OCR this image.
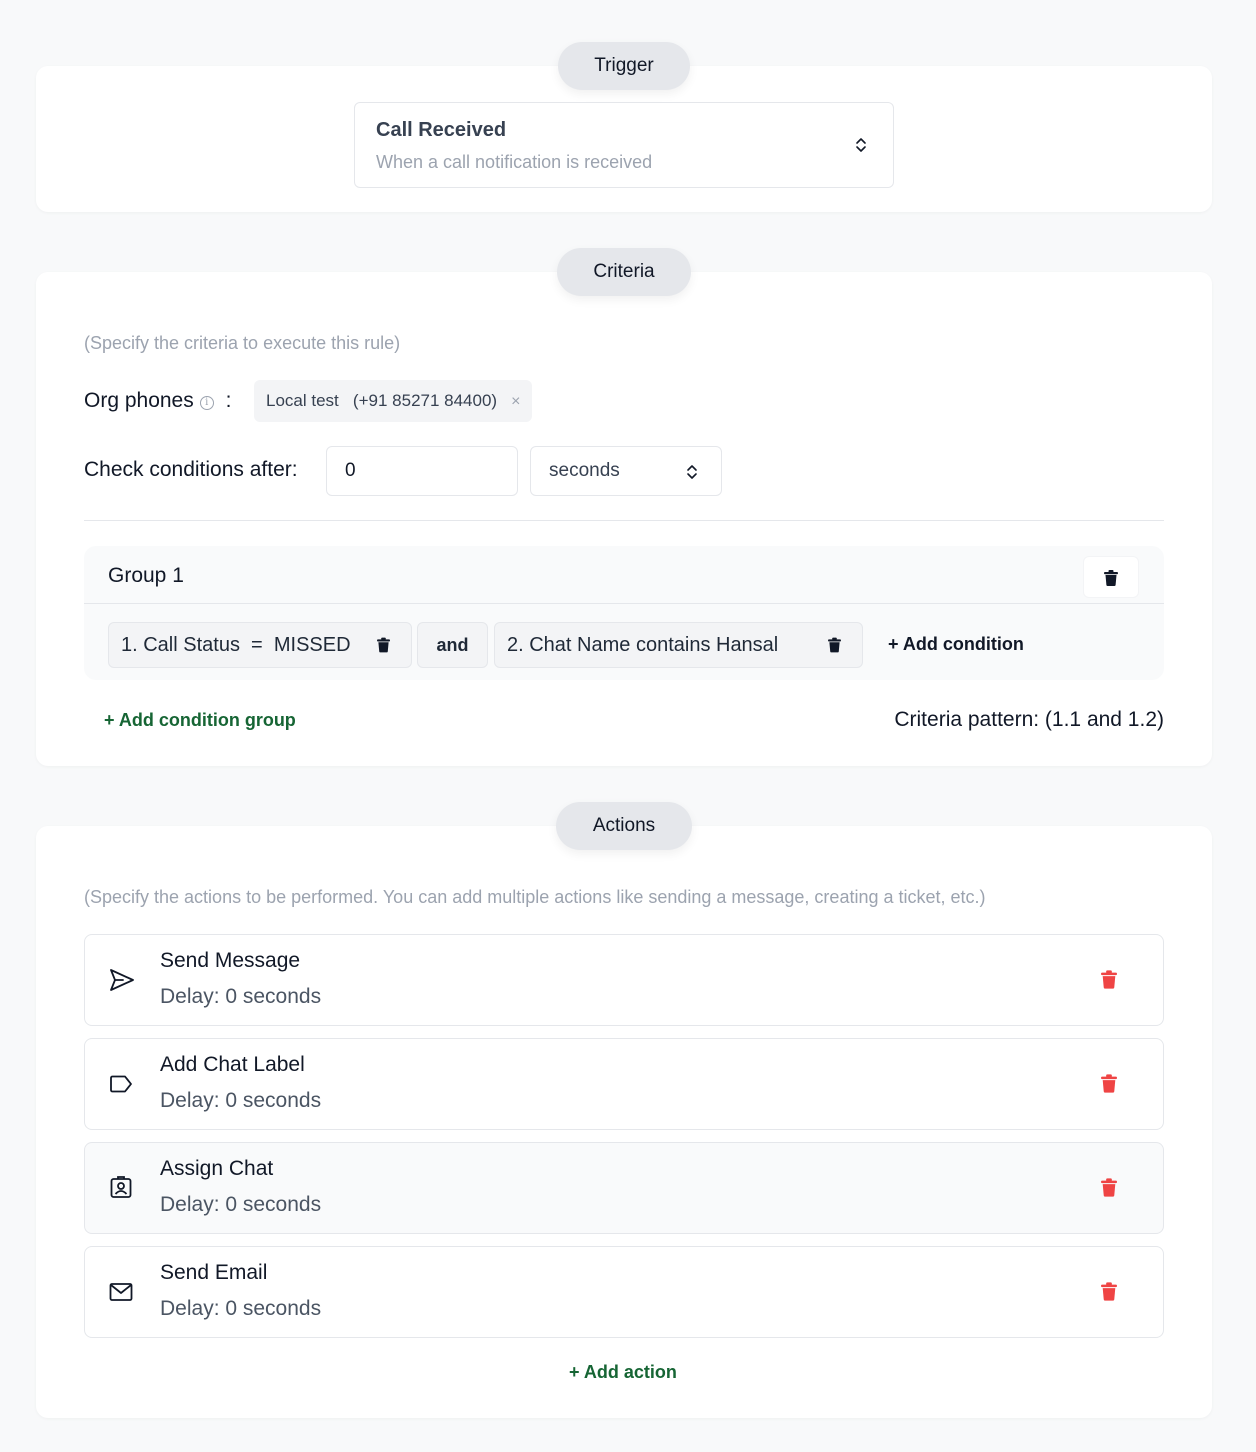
Trigger
Call Received
When a call notification is received
Criteria
(Specify the criteria to execute this rule)
Org phones i :	Local test   (+91 85271 84400) ×
Check conditions after:	0	seconds
Group 1
1. Call Status  =  MISSED	and	2. Chat Name contains Hansal	+ Add condition
+ Add condition group	Criteria pattern: (1.1 and 1.2)
Actions
(Specify the actions to be performed. You can add multiple actions like sending a message, creating a ticket, etc.)
Send Message
Delay: 0 seconds
Add Chat Label
Delay: 0 seconds
Assign Chat
Delay: 0 seconds
Send Email
Delay: 0 seconds
+ Add action
